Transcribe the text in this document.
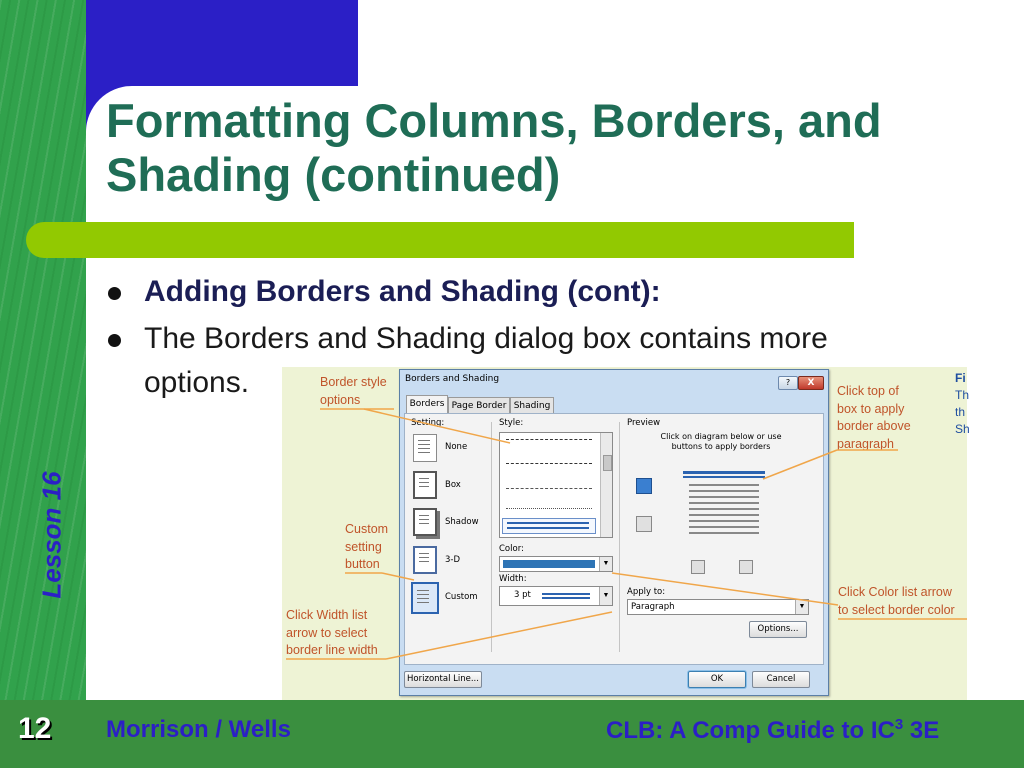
Formatting Columns, Borders, and Shading (continued)
Lesson 16
Adding Borders and Shading (cont):
The Borders and Shading dialog box contains more
options.	Border style
options
Click top of
box to apply
border above
paragraph
Custom
setting
button
Click Width list
arrow to select
border line width
Click Color list arrow
to select border color
Borders and Shading	?	X
Borders Page Border Shading
Setting:
None
Box
Shadow
3-D
Custom
Style:
Color:
▼
Width:
3 pt	▼
Preview
Click on diagram below or use buttons to apply borders
Apply to:
Paragraph	▼
Options...
Horizontal Line...	OK	Cancel
Fi
Th
th
Sh
12 Morrison / Wells	CLB: A Comp Guide to $IC^3$ 3E
